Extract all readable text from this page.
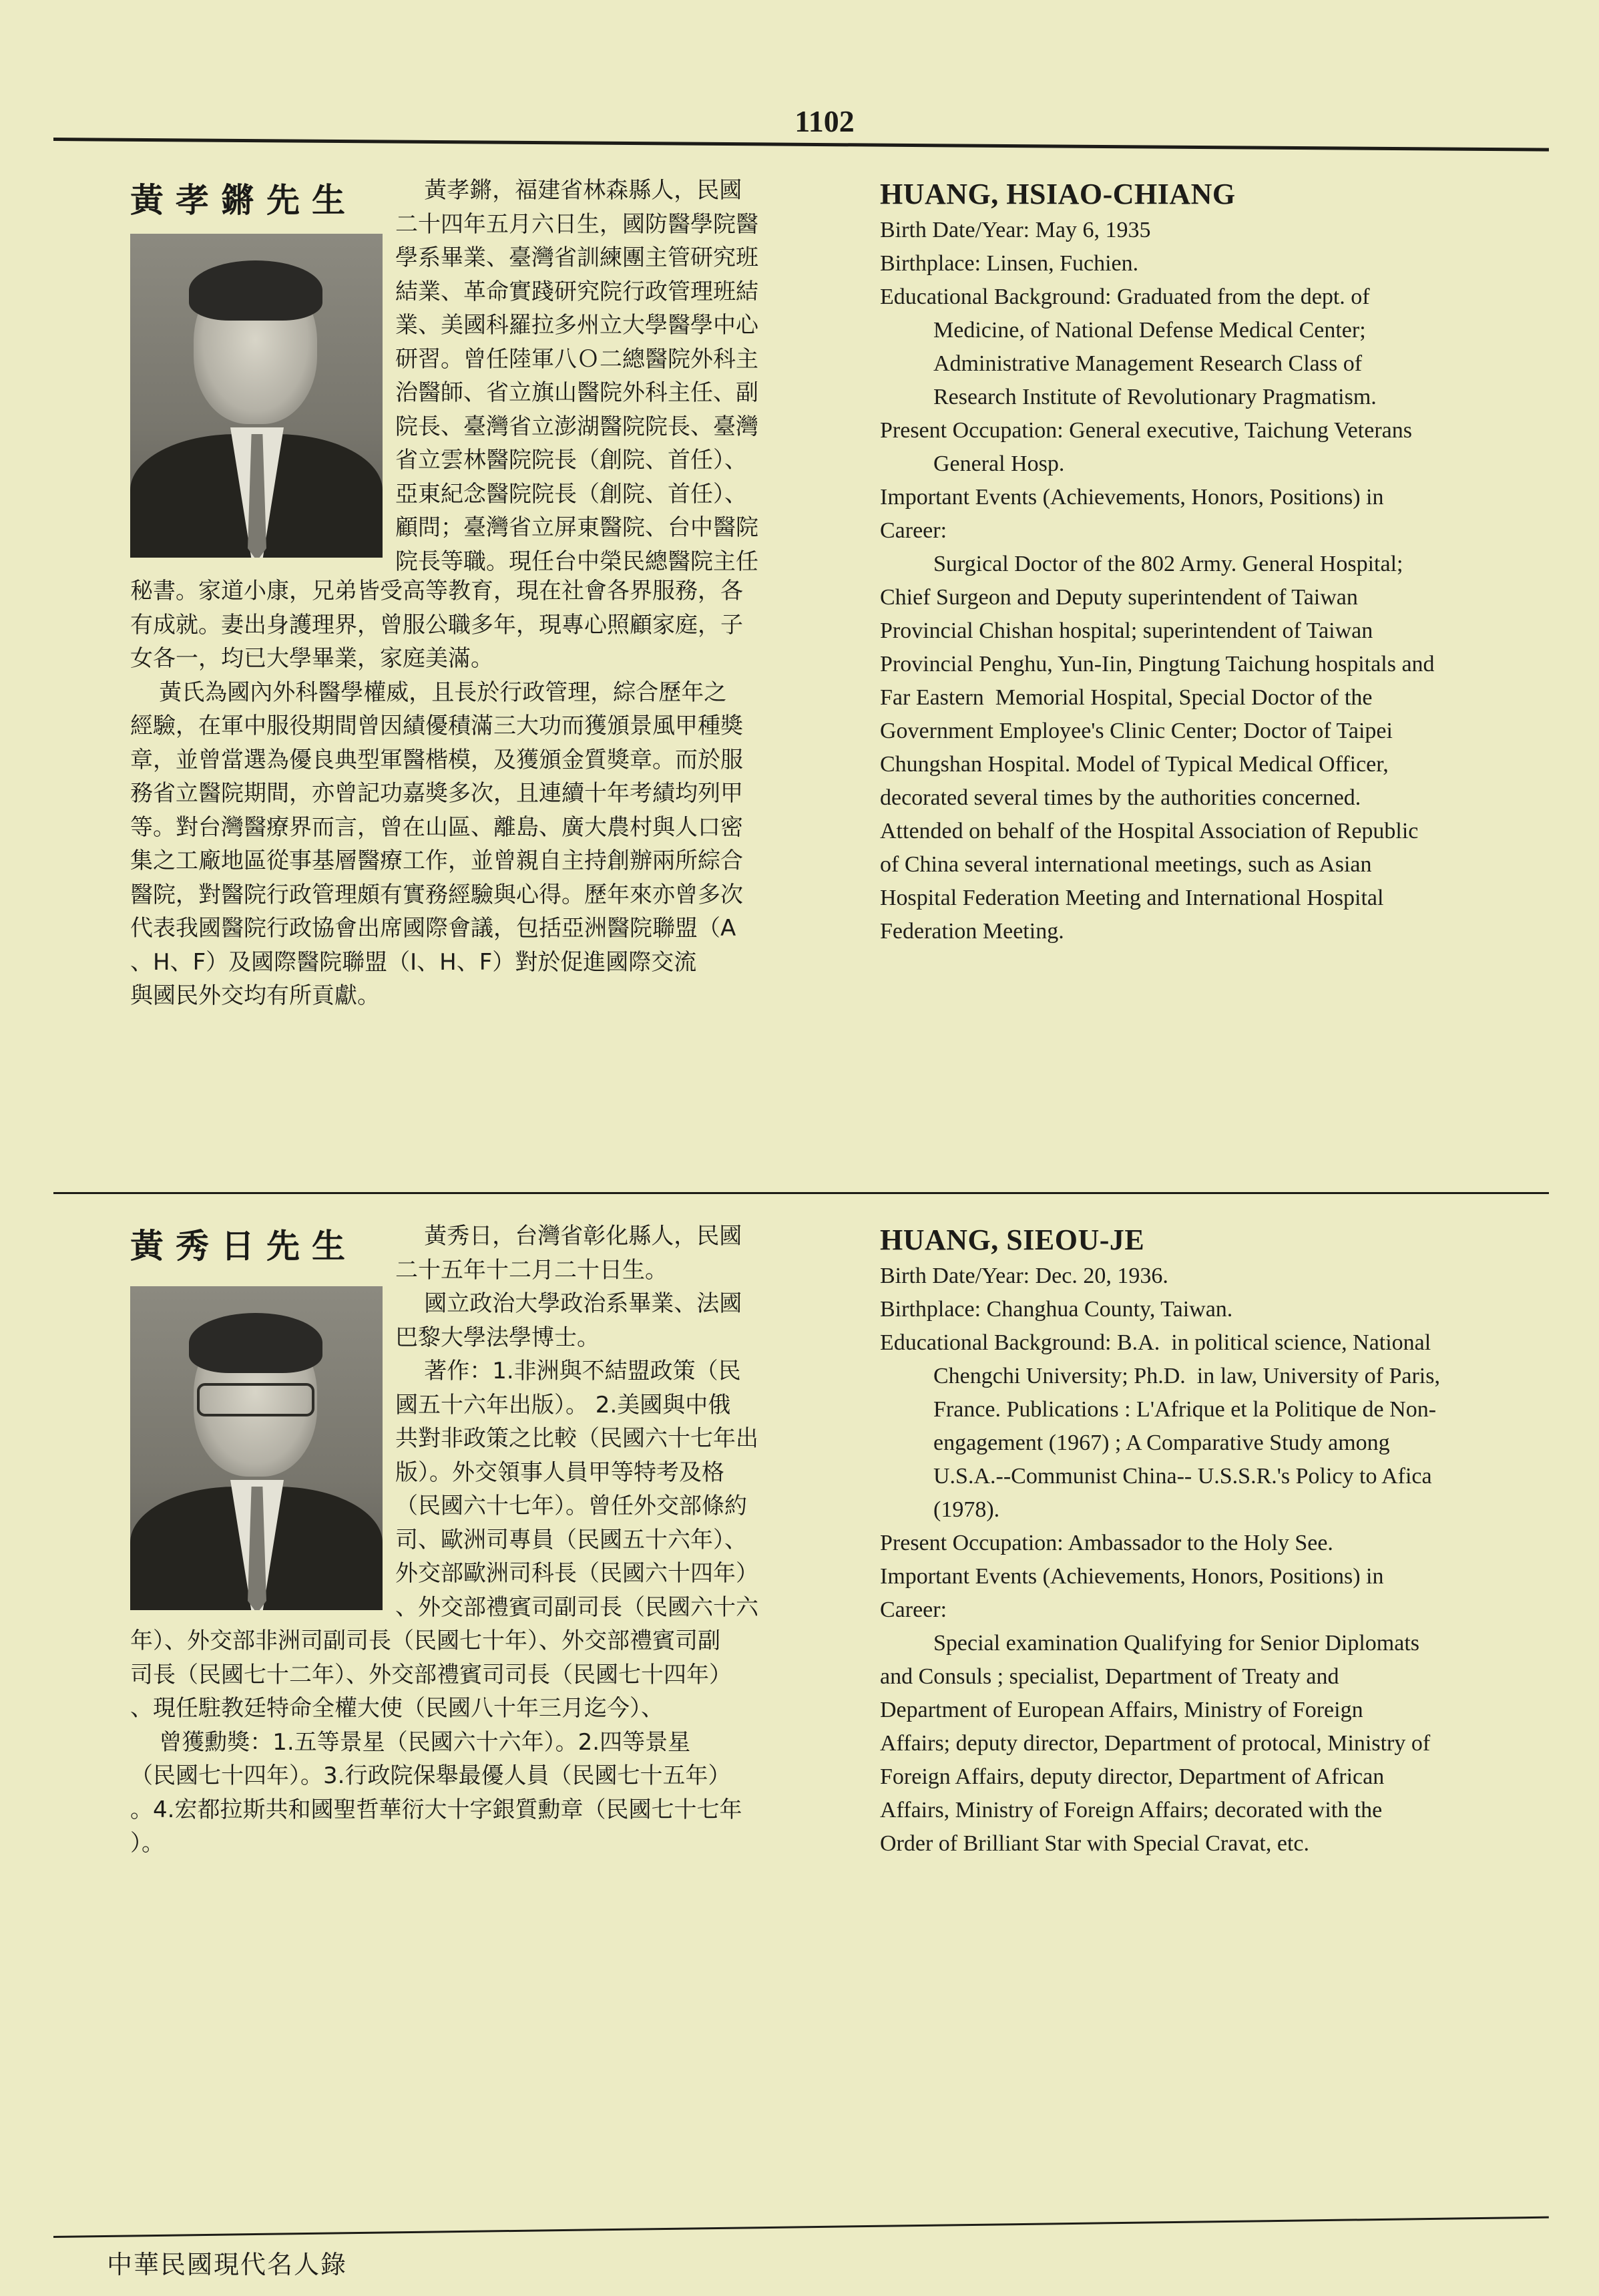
1102
黃孝鏘先生 黃孝鏘，福建省林森縣人，民國
二十四年五月六日生，國防醫學院醫
學系畢業、臺灣省訓練團主管研究班
結業、革命實踐研究院行政管理班結
業、美國科羅拉多州立大學醫學中心
研習。曾任陸軍八Ｏ二總醫院外科主
治醫師、省立旗山醫院外科主任、副
院長、臺灣省立澎湖醫院院長、臺灣
省立雲林醫院院長（創院、首任）、
亞東紀念醫院院長（創院、首任）、
顧問；臺灣省立屏東醫院、台中醫院
院長等職。現任台中榮民總醫院主任
秘書。家道小康，兄弟皆受高等教育，現在社會各界服務，各
有成就。妻出身護理界，曾服公職多年，現專心照顧家庭，子
女各一，均已大學畢業，家庭美滿。
黃氏為國內外科醫學權威，且長於行政管理，綜合歷年之
經驗，在軍中服役期間曾因績優積滿三大功而獲頒景風甲種獎
章，並曾當選為優良典型軍醫楷模，及獲頒金質獎章。而於服
務省立醫院期間，亦曾記功嘉獎多次，且連續十年考績均列甲
等。對台灣醫療界而言，曾在山區、離島、廣大農村與人口密
集之工廠地區從事基層醫療工作，並曾親自主持創辦兩所綜合
醫院，對醫院行政管理頗有實務經驗與心得。歷年來亦曾多次
代表我國醫院行政協會出席國際會議，包括亞洲醫院聯盟（A
、H、F）及國際醫院聯盟（I、H、F）對於促進國際交流
與國民外交均有所貢獻。
HUANG, HSIAO-CHIANG
Birth Date/Year: May 6, 1935
Birthplace: Linsen, Fuchien.
Educational Background: Graduated from the dept. of
Medicine, of National Defense Medical Center;
Administrative Management Research Class of
Research Institute of Revolutionary Pragmatism.
Present Occupation: General executive, Taichung Veterans
General Hosp.
Important Events (Achievements, Honors, Positions) in
Career:
Surgical Doctor of the 802 Army. General Hospital;
Chief Surgeon and Deputy superintendent of Taiwan
Provincial Chishan hospital; superintendent of Taiwan
Provincial Penghu, Yun-Iin, Pingtung Taichung hospitals and
Far Eastern  Memorial Hospital, Special Doctor of the
Government Employee's Clinic Center; Doctor of Taipei
Chungshan Hospital. Model of Typical Medical Officer,
decorated several times by the authorities concerned.
Attended on behalf of the Hospital Association of Republic
of China several international meetings, such as Asian
Hospital Federation Meeting and International Hospital
Federation Meeting.
黃秀日先生 黃秀日，台灣省彰化縣人，民國
二十五年十二月二十日生。
國立政治大學政治系畢業、法國
巴黎大學法學博士。
著作：1.非洲與不結盟政策（民
國五十六年出版）。 2.美國與中俄
共對非政策之比較（民國六十七年出
版）。外交領事人員甲等特考及格
（民國六十七年）。曾任外交部條約
司、歐洲司專員（民國五十六年）、
外交部歐洲司科長（民國六十四年）
、外交部禮賓司副司長（民國六十六
年）、外交部非洲司副司長（民國七十年）、外交部禮賓司副
司長（民國七十二年）、外交部禮賓司司長（民國七十四年）
、現任駐教廷特命全權大使（民國八十年三月迄今）、
曾獲勳獎：1.五等景星（民國六十六年）。2.四等景星
（民國七十四年）。3.行政院保舉最優人員（民國七十五年）
。4.宏都拉斯共和國聖哲華衍大十字銀質勳章（民國七十七年
）。
HUANG, SIEOU-JE
Birth Date/Year: Dec. 20, 1936.
Birthplace: Changhua County, Taiwan.
Educational Background: B.A.  in political science, National
Chengchi University; Ph.D.  in law, University of Paris,
France. Publications : L'Afrique et la Politique de Non-
engagement (1967) ; A Comparative Study among
U.S.A.--Communist China-- U.S.S.R.'s Policy to Afica
(1978).
Present Occupation: Ambassador to the Holy See.
Important Events (Achievements, Honors, Positions) in
Career:
Special examination Qualifying for Senior Diplomats
and Consuls ; specialist, Department of Treaty and
Department of European Affairs, Ministry of Foreign
Affairs; deputy director, Department of protocal, Ministry of
Foreign Affairs, deputy director, Department of African
Affairs, Ministry of Foreign Affairs; decorated with the
Order of Brilliant Star with Special Cravat, etc.
中華民國現代名人錄
